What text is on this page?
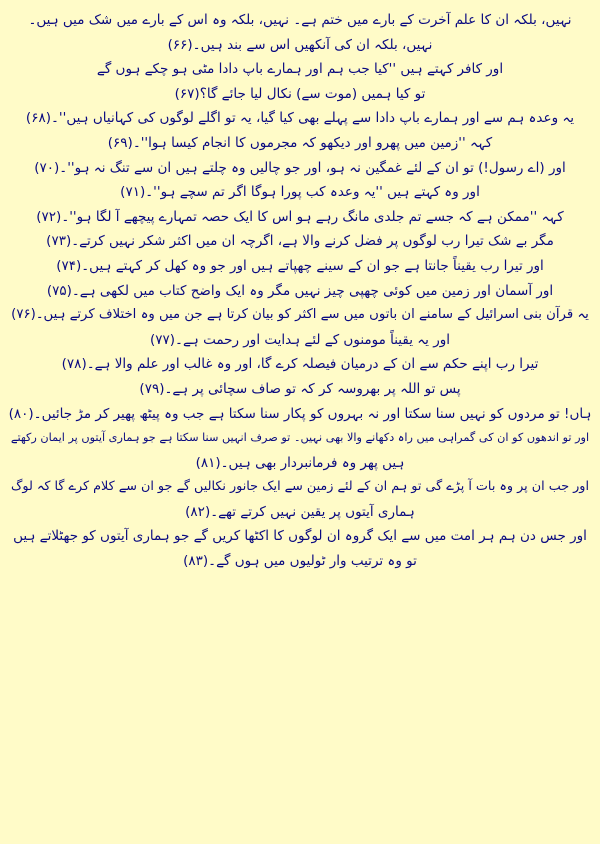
نہیں، بلکہ ان کا علم آخرت کے بارے میں ختم ہے۔ نہیں، بلکہ وہ اس کے بارے میں شک میں ہیں۔
نہیں، بلکہ ان کی آنکھیں اس سے بند ہیں۔(۶۶)
اور کافر کہتے ہیں ''کیا جب ہم اور ہمارے باپ دادا مٹی ہو چکے ہوں گے
تو کیا ہمیں (موت سے) نکال لیا جائے گا؟(۶۷)
یہ وعدہ ہم سے اور ہمارے باپ دادا سے پہلے بھی کیا گیا، یہ تو اگلے لوگوں کی کہانیاں ہیں''۔(۶۸)
کہہ ''زمین میں پھرو اور دیکھو کہ مجرموں کا انجام کیسا ہوا''۔(۶۹)
اور (اے رسول!) تو ان کے لئے غمگین نہ ہو، اور جو چالیں وہ چلتے ہیں ان سے تنگ نہ ہو''۔(۷۰)
اور وہ کہتے ہیں ''یہ وعدہ کب پورا ہوگا اگر تم سچے ہو''۔(۷۱)
کہہ ''ممکن ہے کہ جسے تم جلدی مانگ رہے ہو اس کا ایک حصہ تمہارے پیچھے آ لگا ہو''۔(۷۲)
مگر بے شک تیرا رب لوگوں پر فضل کرنے والا ہے، اگرچہ ان میں اکثر شکر نہیں کرتے۔(۷۳)
اور تیرا رب یقیناً جانتا ہے جو ان کے سینے چھپاتے ہیں اور جو وہ کھل کر کہتے ہیں۔(۷۴)
اور آسمان اور زمین میں کوئی چھپی چیز نہیں مگر وہ ایک واضح کتاب میں لکھی ہے۔(۷۵)
یہ قرآن بنی اسرائیل کے سامنے ان باتوں میں سے اکثر کو بیان کرتا ہے جن میں وہ اختلاف کرتے ہیں۔(۷۶)
اور یہ یقیناً مومنوں کے لئے ہدایت اور رحمت ہے۔(۷۷)
تیرا رب اپنے حکم سے ان کے درمیان فیصلہ کرے گا، اور وہ غالب اور علم والا ہے۔(۷۸)
پس تو اللہ پر بھروسہ کر کہ تو صاف سچائی پر ہے۔(۷۹)
ہاں! تو مردوں کو نہیں سنا سکتا اور نہ بہروں کو پکار سنا سکتا ہے جب وہ پیٹھ پھیر کر مڑ جائیں۔(۸۰)
اور تو اندھوں کو ان کی گمراہی میں راہ دکھانے والا بھی نہیں۔ تو صرف انہیں سنا سکتا ہے جو ہماری آیتوں پر ایمان رکھتے
ہیں پھر وہ فرمانبردار بھی ہیں۔(۸۱)
اور جب ان پر وہ بات آ پڑے گی تو ہم ان کے لئے زمین سے ایک جانور نکالیں گے جو ان سے کلام کرے گا کہ لوگ
ہماری آیتوں پر یقین نہیں کرتے تھے۔(۸۲)
اور جس دن ہم ہر امت میں سے ایک گروہ ان لوگوں کا اکٹھا کریں گے جو ہماری آیتوں کو جھٹلاتے ہیں
تو وہ ترتیب وار ٹولیوں میں ہوں گے۔(۸۳)
